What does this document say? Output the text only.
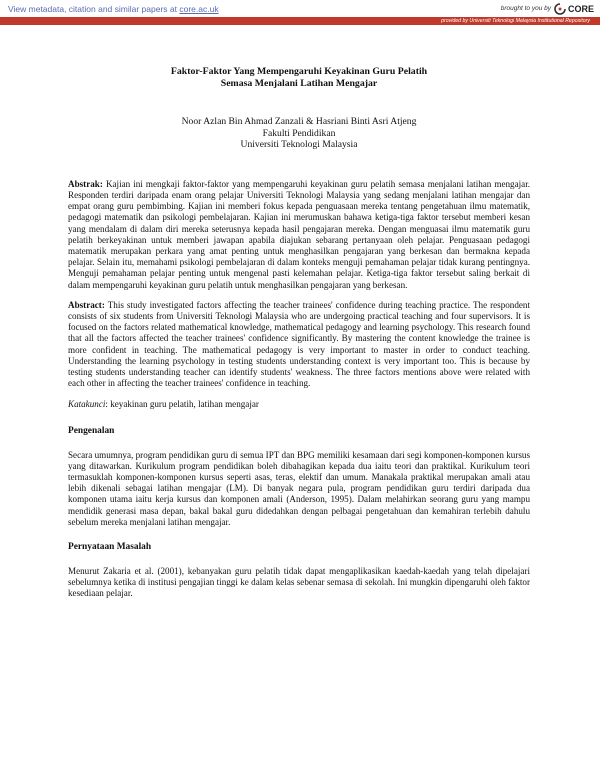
View metadata, citation and similar papers at core.ac.uk	brought to you by CORE
provided by Universiti Teknologi Malaysia Institutional Repository
Faktor-Faktor Yang Mempengaruhi Keyakinan Guru Pelatih
Semasa Menjalani Latihan Mengajar
Noor Azlan Bin Ahmad Zanzali & Hasriani Binti Asri Atjeng
Fakulti Pendidikan
Universiti Teknologi Malaysia

Abstrak: Kajian ini mengkaji faktor-faktor yang mempengaruhi keyakinan guru pelatih semasa menjalani latihan mengajar. Responden terdiri daripada enam orang pelajar Universiti Teknologi Malaysia yang sedang menjalani latihan mengajar dan empat orang guru pembimbing. Kajian ini memberi fokus kepada penguasaan mereka tentang pengetahuan ilmu matematik, pedagogi matematik dan psikologi pembelajaran. Kajian ini merumuskan bahawa ketiga-tiga faktor tersebut memberi kesan yang mendalam di dalam diri mereka seterusnya kepada hasil pengajaran mereka. Dengan menguasai ilmu matematik guru pelatih berkeyakinan untuk memberi jawapan apabila diajukan sebarang pertanyaan oleh pelajar. Penguasaan pedagogi matematik merupakan perkara yang amat penting untuk menghasilkan pengajaran yang berkesan dan bermakna kepada pelajar. Selain itu, memahami psikologi pembelajaran di dalam konteks menguji pemahaman pelajar tidak kurang pentingnya. Menguji pemahaman pelajar penting untuk mengenal pasti kelemahan pelajar. Ketiga-tiga faktor tersebut saling berkait di dalam mempengaruhi keyakinan guru pelatih untuk menghasilkan pengajaran yang berkesan.

Abstract: This study investigated factors affecting the teacher trainees' confidence during teaching practice. The respondent consists of six students from Universiti Teknologi Malaysia who are undergoing practical teaching and four supervisors. It is focused on the factors related mathematical knowledge, mathematical pedagogy and learning psychology. This research found that all the factors affected the teacher trainees' confidence significantly. By mastering the content knowledge the trainee is more confident in teaching. The mathematical pedagogy is very important to master in order to conduct teaching. Understanding the learning psychology in testing students understanding context is very important too. This is because by testing students understanding teacher can identify students' weakness. The three factors mentions above were related with each other in affecting the teacher trainees' confidence in teaching.

Katakunci: keyakinan guru pelatih, latihan mengajar

Pengenalan

Secara umumnya, program pendidikan guru di semua IPT dan BPG memiliki kesamaan dari segi komponen-komponen kursus yang ditawarkan. Kurikulum program pendidikan boleh dibahagikan kepada dua iaitu teori dan praktikal. Kurikulum teori termasuklah komponen-komponen kursus seperti asas, teras, elektif dan umum. Manakala praktikal merupakan amali atau lebih dikenali sebagai latihan mengajar (LM). Di banyak negara pula, program pendidikan guru terdiri daripada dua komponen utama iaitu kerja kursus dan komponen amali (Anderson, 1995). Dalam melahirkan seorang guru yang mampu mendidik generasi masa depan, bakal bakal guru didedahkan dengan pelbagai pengetahuan dan kemahiran terlebih dahulu sebelum mereka menjalani latihan mengajar.

Pernyataan Masalah

Menurut Zakaria et al. (2001), kebanyakan guru pelatih tidak dapat mengaplikasikan kaedah-kaedah yang telah dipelajari sebelumnya ketika di institusi pengajian tinggi ke dalam kelas sebenar semasa di sekolah. Ini mungkin dipengaruhi oleh faktor kesediaan pelajar.
